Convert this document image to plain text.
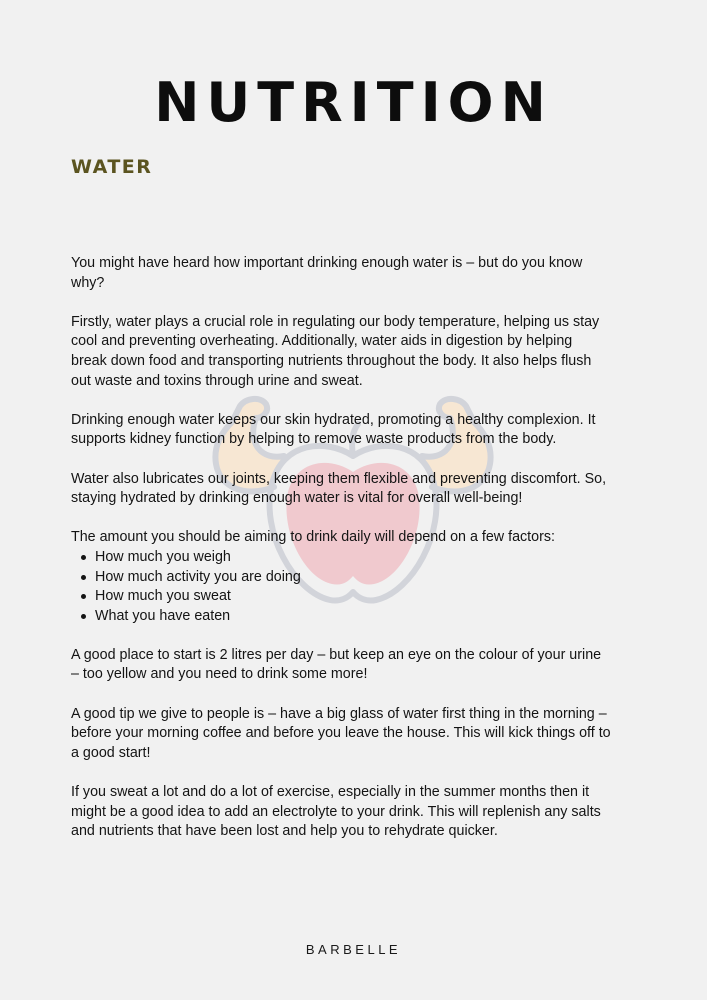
NUTRITION
WATER

You might have heard how important drinking enough water is – but do you know why?

Firstly, water plays a crucial role in regulating our body temperature, helping us stay cool and preventing overheating. Additionally, water aids in digestion by helping break down food and transporting nutrients throughout the body. It also helps flush out waste and toxins through urine and sweat.

Drinking enough water keeps our skin hydrated, promoting a healthy complexion. It supports kidney function by helping to remove waste products from the body.

Water also lubricates our joints, keeping them flexible and preventing discomfort. So, staying hydrated by drinking enough water is vital for overall well-being!

The amount you should be aiming to drink daily will depend on a few factors:

How much you weigh
How much activity you are doing
How much you sweat
What you have eaten

A good place to start is 2 litres per day – but keep an eye on the colour of your urine – too yellow and you need to drink some more!

A good tip we give to people is – have a big glass of water first thing in the morning – before your morning coffee and before you leave the house. This will kick things off to a good start!

If you sweat a lot and do a lot of exercise, especially in the summer months then it might be a good idea to add an electrolyte to your drink. This will replenish any salts and nutrients that have been lost and help you to rehydrate quicker.

BARBELLE
